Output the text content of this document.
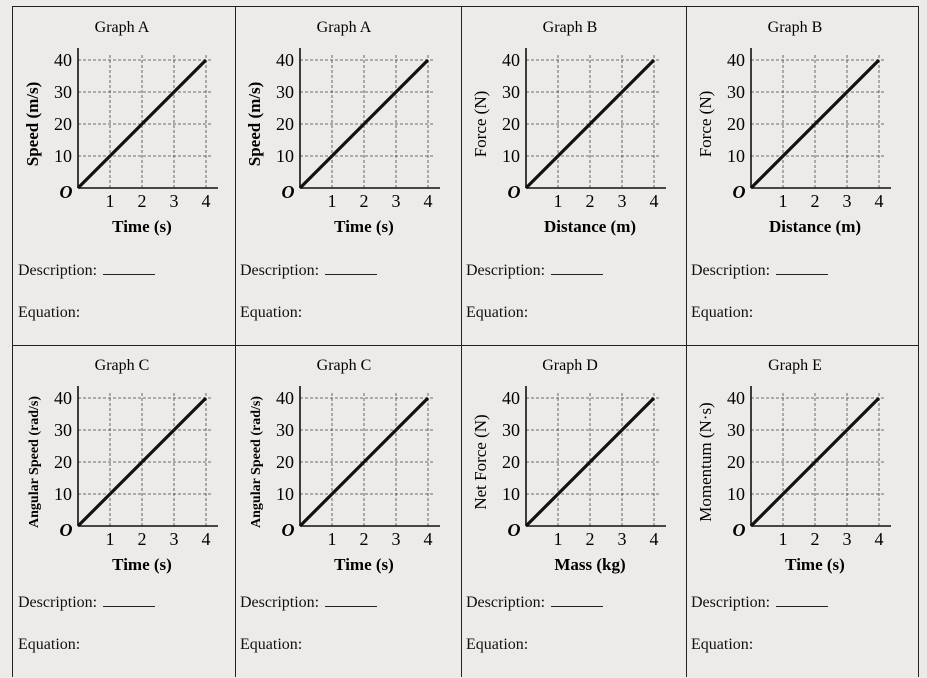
Graph A
10
20
30
40
1 2 3 4
O
Time (s)
Speed (m/s)
Description:
Equation:
Graph A
10
20
30
40
1 2 3 4
O
Time (s)
Speed (m/s)
Description:
Equation:
Graph B
10
20
30
40
1 2 3 4
O
Distance (m)
Force (N)
Description:
Equation:
Graph B
10
20
30
40
1 2 3 4
O
Distance (m)
Force (N)
Description:
Equation:
Graph C
10
20
30
40
1 2 3 4
O
Time (s)
Angular Speed (rad/s)
Description:
Equation:
Graph C
10
20
30
40
1 2 3 4
O
Time (s)
Angular Speed (rad/s)
Description:
Equation:
Graph D
10
20
30
40
1 2 3 4
O
Mass (kg)
Net Force (N)
Description:
Equation:
Graph E
10
20
30
40
1 2 3 4
O
Time (s)
Momentum (N·s)
Description:
Equation:
